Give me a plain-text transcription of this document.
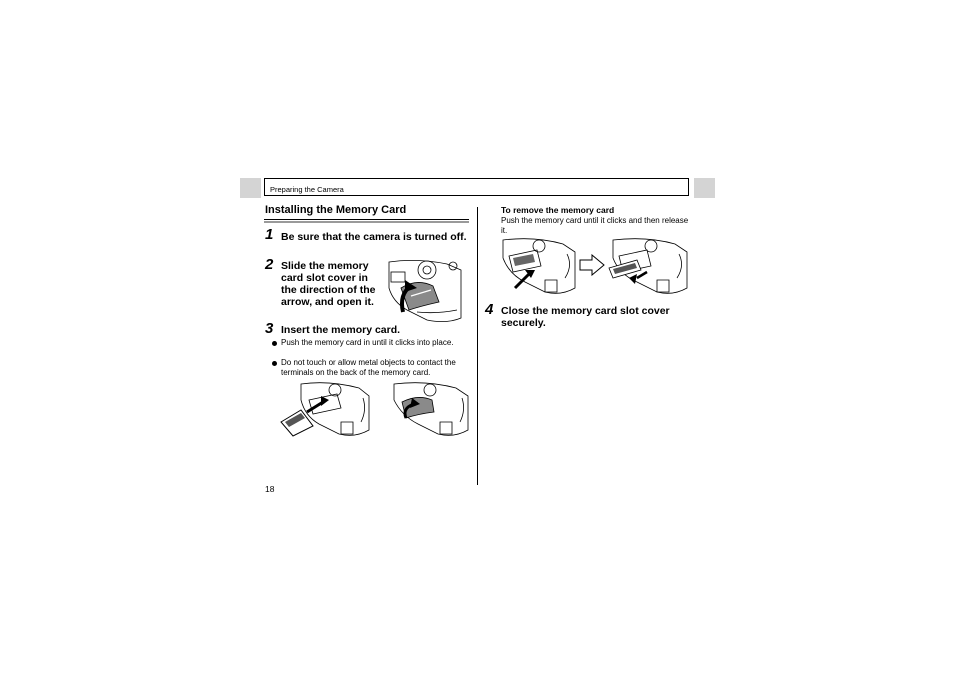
Preparing the Camera
Installing the Memory Card
1 Be sure that the camera is turned off.
2 Slide the memory card slot cover in the direction of the arrow, and open it.
3 Insert the memory card.
Push the memory card in until it clicks into place.
Do not touch or allow metal objects to contact the terminals on the back of the memory card.
To remove the memory card
Push the memory card until it clicks and then release it.
4 Close the memory card slot cover securely.
18
